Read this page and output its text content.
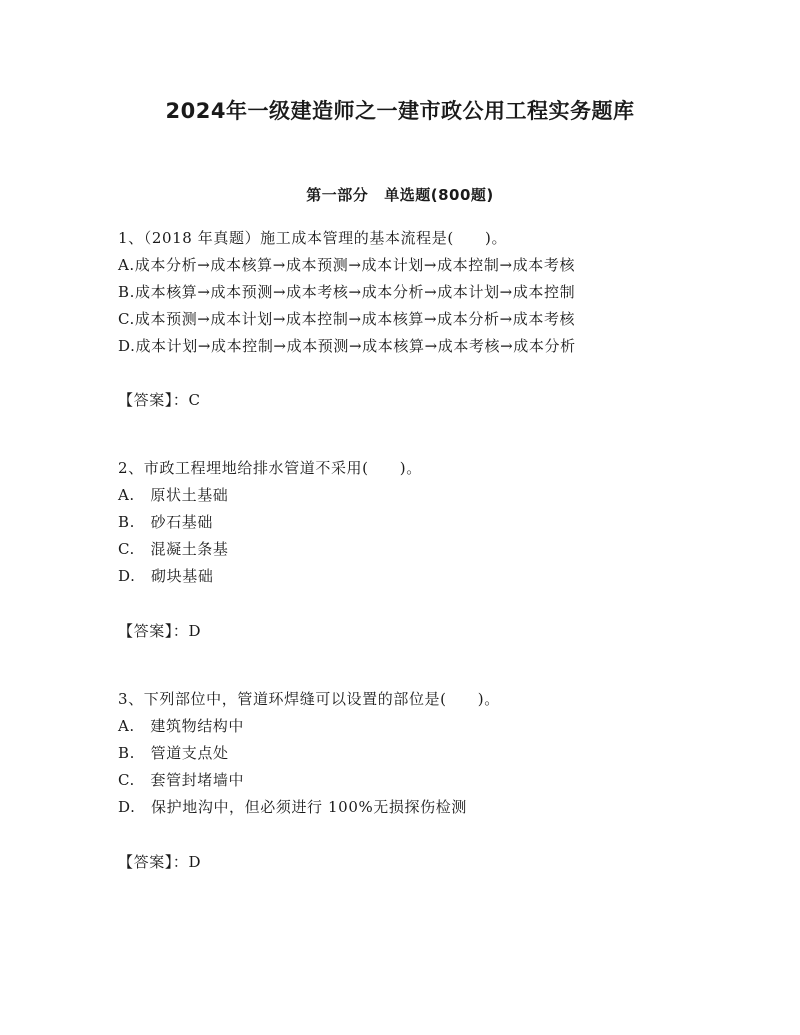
2024年一级建造师之一建市政公用工程实务题库
第一部分 单选题(800题)
1、（2018 年真题）施工成本管理的基本流程是(　　)。
A.成本分析→成本核算→成本预测→成本计划→成本控制→成本考核
B.成本核算→成本预测→成本考核→成本分析→成本计划→成本控制
C.成本预测→成本计划→成本控制→成本核算→成本分析→成本考核
D.成本计划→成本控制→成本预测→成本核算→成本考核→成本分析
【答案】：C
2、市政工程埋地给排水管道不采用(　　)。
A.　原状土基础
B.　砂石基础
C.　混凝土条基
D.　砌块基础
【答案】：D
3、下列部位中，管道环焊缝可以设置的部位是(　　)。
A.　建筑物结构中
B.　管道支点处
C.　套管封堵墙中
D.　保护地沟中，但必须进行 100%无损探伤检测
【答案】：D
